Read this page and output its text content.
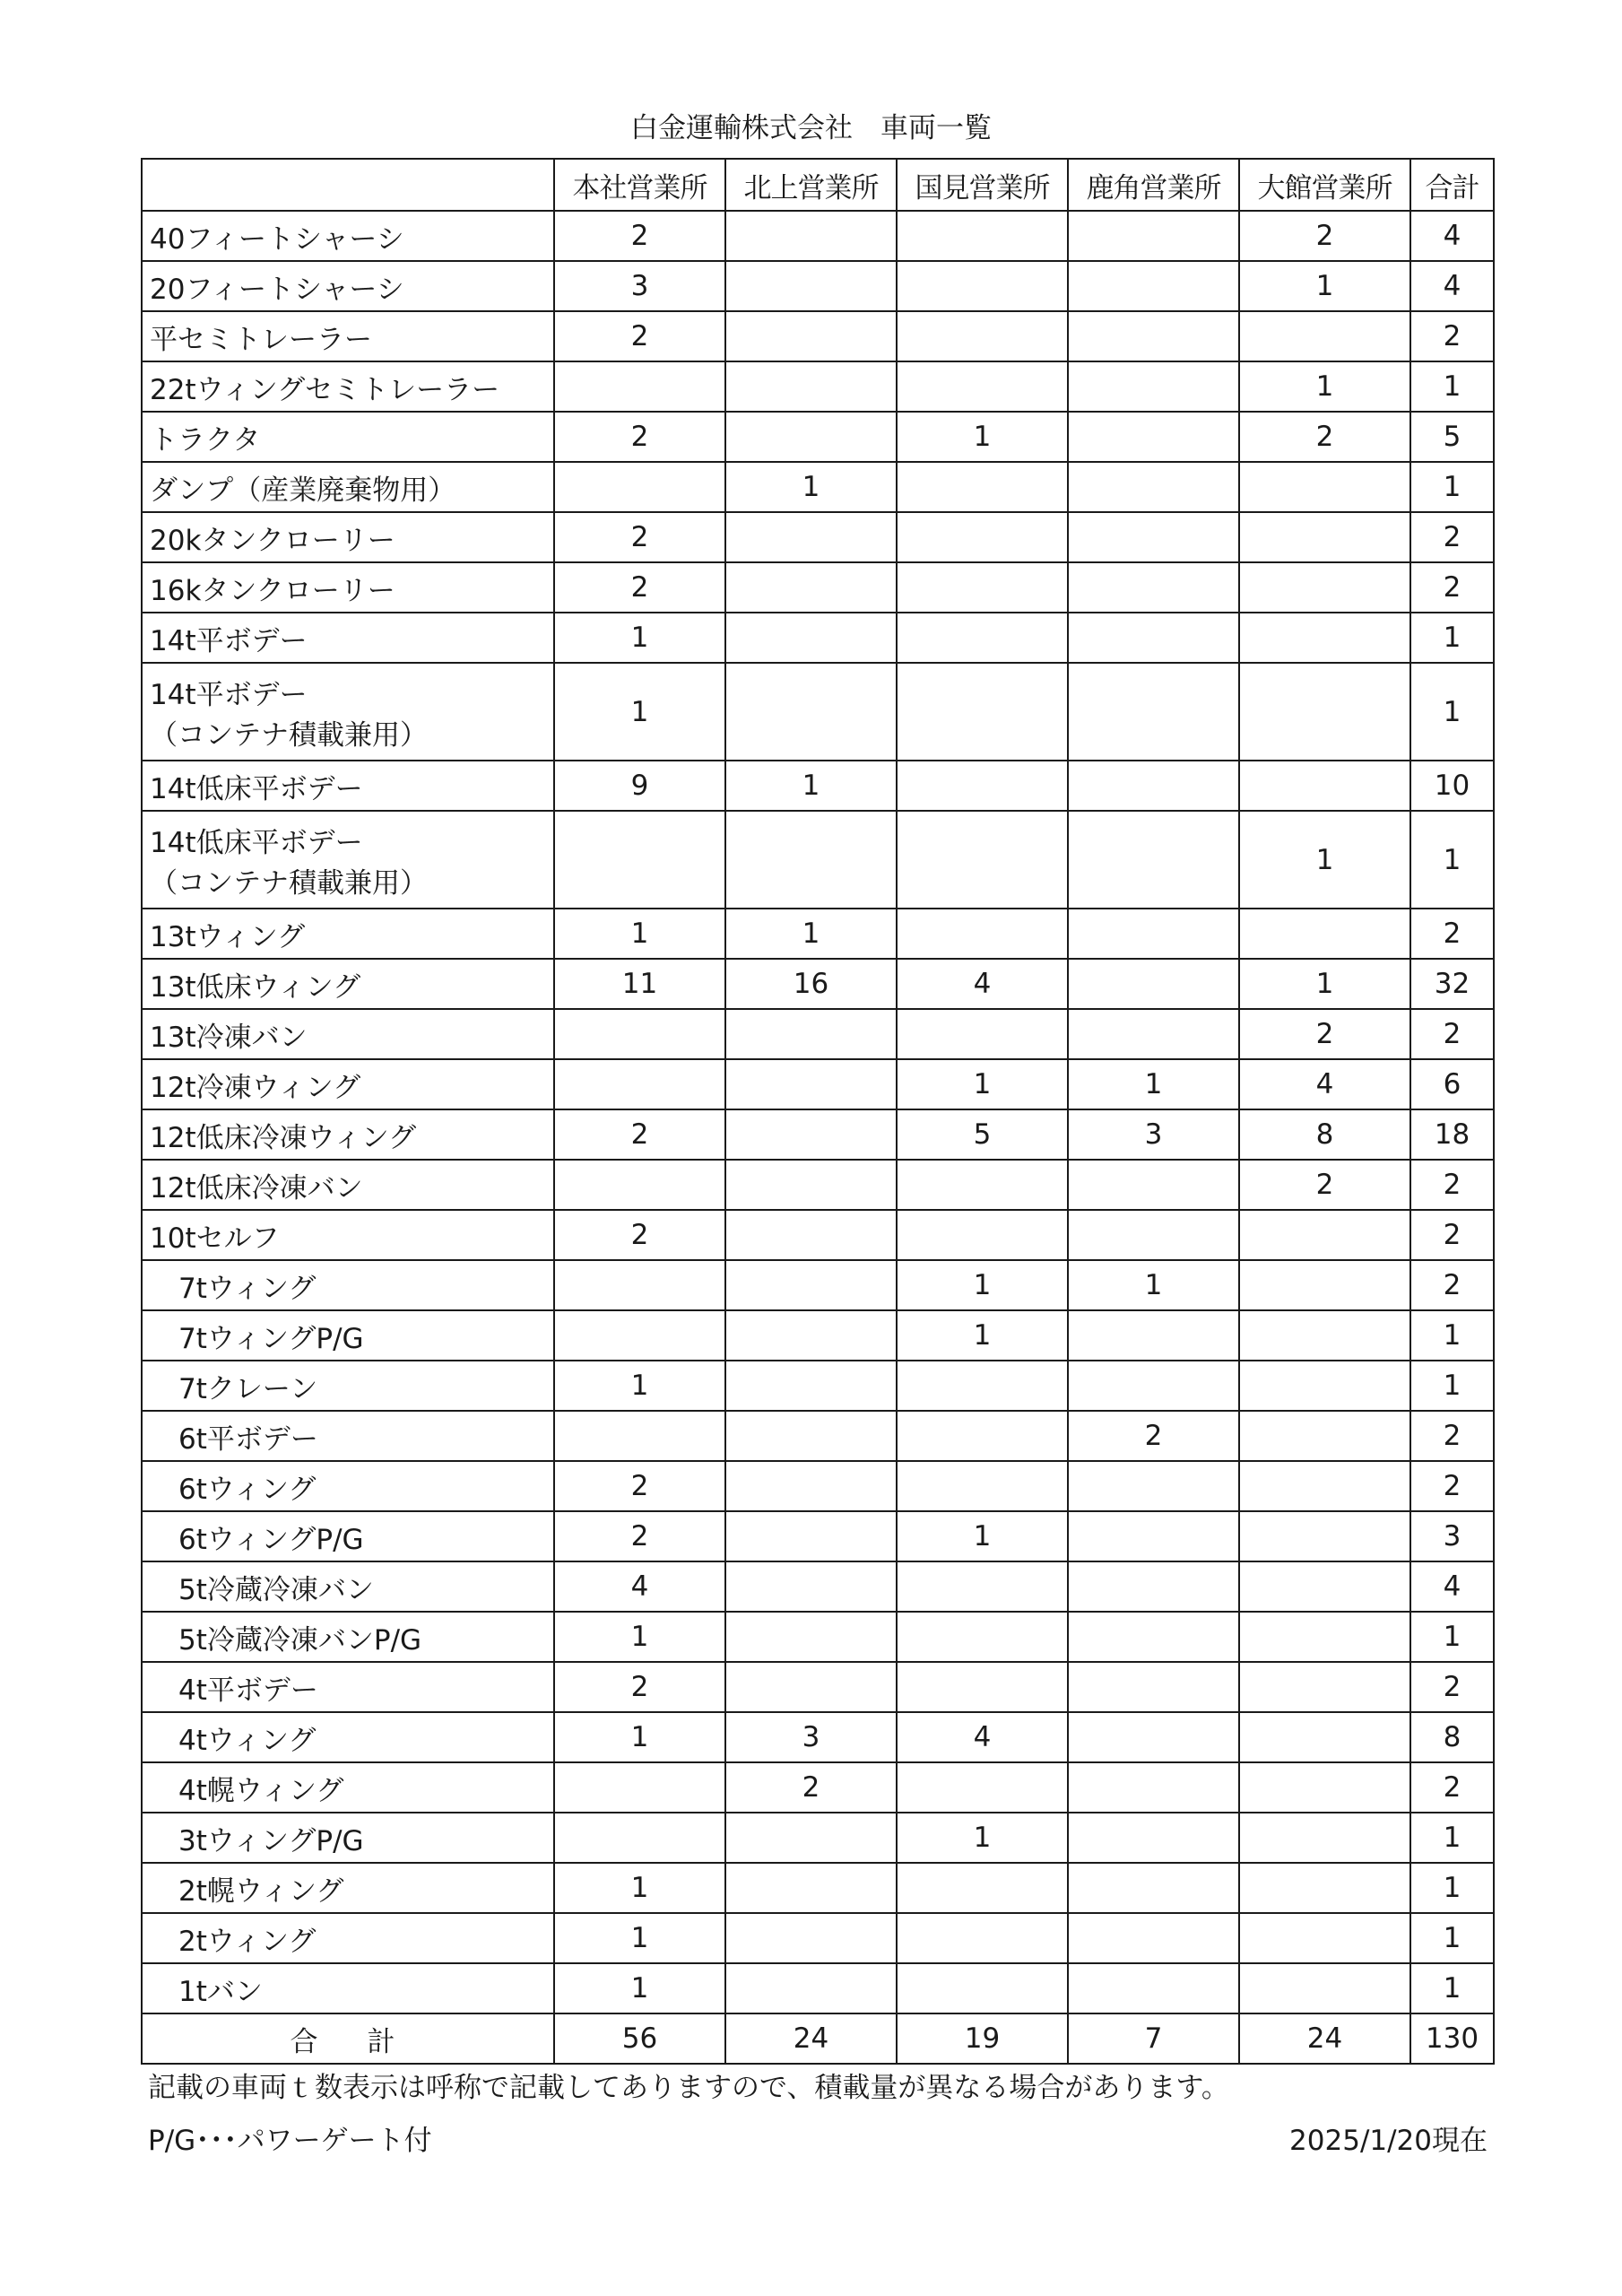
白金運輸株式会社　車両一覧
	本社営業所	北上営業所	国見営業所	鹿角営業所	大館営業所	合計

40フィートシャーシ	2				2	4

20フィートシャーシ	3				1	4

平セミトレーラー	2					2

22tウィングセミトレーラー					1	1

トラクタ	2		1		2	5

ダンプ（産業廃棄物用）		1				1

20kタンクローリー	2					2

16kタンクローリー	2					2

14t平ボデー	1					1

14t平ボデー
（コンテナ積載兼用）	1					1

14t低床平ボデー	9	1				10

14t低床平ボデー
（コンテナ積載兼用）					1	1

13tウィング	1	1				2

13t低床ウィング	11	16	4		1	32

13t冷凍バン					2	2

12t冷凍ウィング			1	1	4	6

12t低床冷凍ウィング	2		5	3	8	18

12t低床冷凍バン					2	2

10tセルフ	2					2

7tウィング			1	1		2

7tウィングP/G			1			1

7tクレーン	1					1

6t平ボデー				2		2

6tウィング	2					2

6tウィングP/G	2		1			3

5t冷蔵冷凍バン	4					4

5t冷蔵冷凍バンP/G	1					1

4t平ボデー	2					2

4tウィング	1	3	4			8

4t幌ウィング		2				2

3tウィングP/G			1			1

2t幌ウィング	1					1

2tウィング	1					1

1tバン	1					1
合　計	56	24	19	7	24	130
記載の車両ｔ数表示は呼称で記載してありますので、積載量が異なる場合があります。
P/G･･･パワーゲート付	2025/1/20現在
